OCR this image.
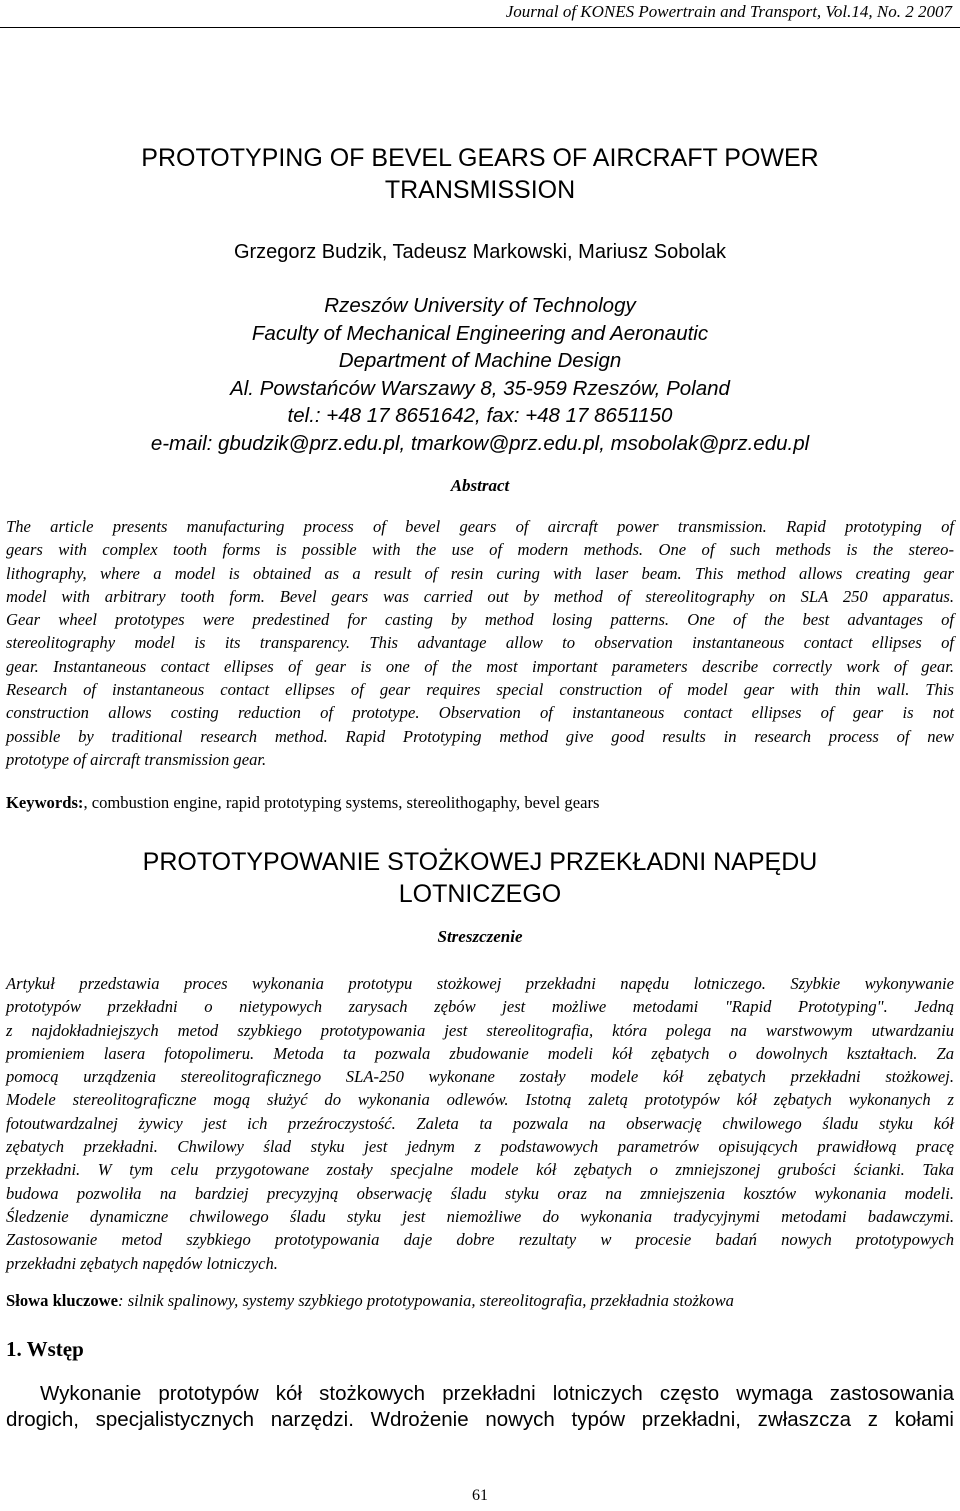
Journal of KONES Powertrain and Transport, Vol.14, No. 2 2007
PROTOTYPING OF BEVEL GEARS OF AIRCRAFT POWER
TRANSMISSION
Grzegorz Budzik, Tadeusz Markowski, Mariusz Sobolak
Rzeszów University of Technology
Faculty of Mechanical Engineering and Aeronautic
Department of Machine Design
Al. Powstańców Warszawy 8, 35-959 Rzeszów, Poland
tel.: +48 17 8651642, fax: +48 17 8651150
e-mail: gbudzik@prz.edu.pl, tmarkow@prz.edu.pl, msobolak@prz.edu.pl
Abstract
The article presents manufacturing process of bevel gears of aircraft power transmission. Rapid prototyping of
gears with complex tooth forms is possible with the use of modern methods. One of such methods is the stereo-
lithography, where a model is obtained as a result of resin curing with laser beam. This method allows creating gear
model with arbitrary tooth form. Bevel gears was carried out by method of stereolitography on SLA 250 apparatus.
Gear wheel prototypes were predestined for casting by method losing patterns. One of the best advantages of
stereolitography model is its transparency. This advantage allow to observation instantaneous contact ellipses of
gear. Instantaneous contact ellipses of gear is one of the most important parameters describe correctly work of gear.
Research of instantaneous contact ellipses of gear requires special construction of model gear with thin wall. This
construction allows costing reduction of prototype. Observation of instantaneous contact ellipses of gear is not
possible by traditional research method. Rapid Prototyping method give good results in research process of new
prototype of aircraft transmission gear.
Keywords:, combustion engine, rapid prototyping systems, stereolithogaphy, bevel gears
PROTOTYPOWANIE STOŻKOWEJ PRZEKŁADNI NAPĘDU
LOTNICZEGO
Streszczenie
Artykuł przedstawia proces wykonania prototypu stożkowej przekładni napędu lotniczego. Szybkie wykonywanie
prototypów przekładni o nietypowych zarysach zębów jest możliwe metodami "Rapid Prototyping". Jedną
z najdokładniejszych metod szybkiego prototypowania jest stereolitografia, która polega na warstwowym utwardzaniu
promieniem lasera fotopolimeru. Metoda ta pozwala zbudowanie modeli kół zębatych o dowolnych kształtach. Za
pomocą urządzenia stereolitograficznego SLA-250 wykonane zostały modele kół zębatych przekładni stożkowej.
Modele stereolitograficzne mogą służyć do wykonania odlewów. Istotną zaletą prototypów kół zębatych wykonanych z
fotoutwardzalnej żywicy jest ich przeźroczystość. Zaleta ta pozwala na obserwację chwilowego śladu styku kół
zębatych przekładni. Chwilowy ślad styku jest jednym z podstawowych parametrów opisujących prawidłową pracę
przekładni. W tym celu przygotowane zostały specjalne modele kół zębatych o zmniejszonej grubości ścianki. Taka
budowa pozwoliła na bardziej precyzyjną obserwację śladu styku oraz na zmniejszenia kosztów wykonania modeli.
Śledzenie dynamiczne chwilowego śladu styku jest niemożliwe do wykonania tradycyjnymi metodami badawczymi.
Zastosowanie metod szybkiego prototypowania daje dobre rezultaty w procesie badań nowych prototypowych
przekładni zębatych napędów lotniczych.
Słowa kluczowe: silnik spalinowy, systemy szybkiego prototypowania, stereolitografia, przekładnia stożkowa
1. Wstęp
Wykonanie prototypów kół stożkowych przekładni lotniczych często wymaga zastosowania
drogich, specjalistycznych narzędzi. Wdrożenie nowych typów przekładni, zwłaszcza z kołami
61
